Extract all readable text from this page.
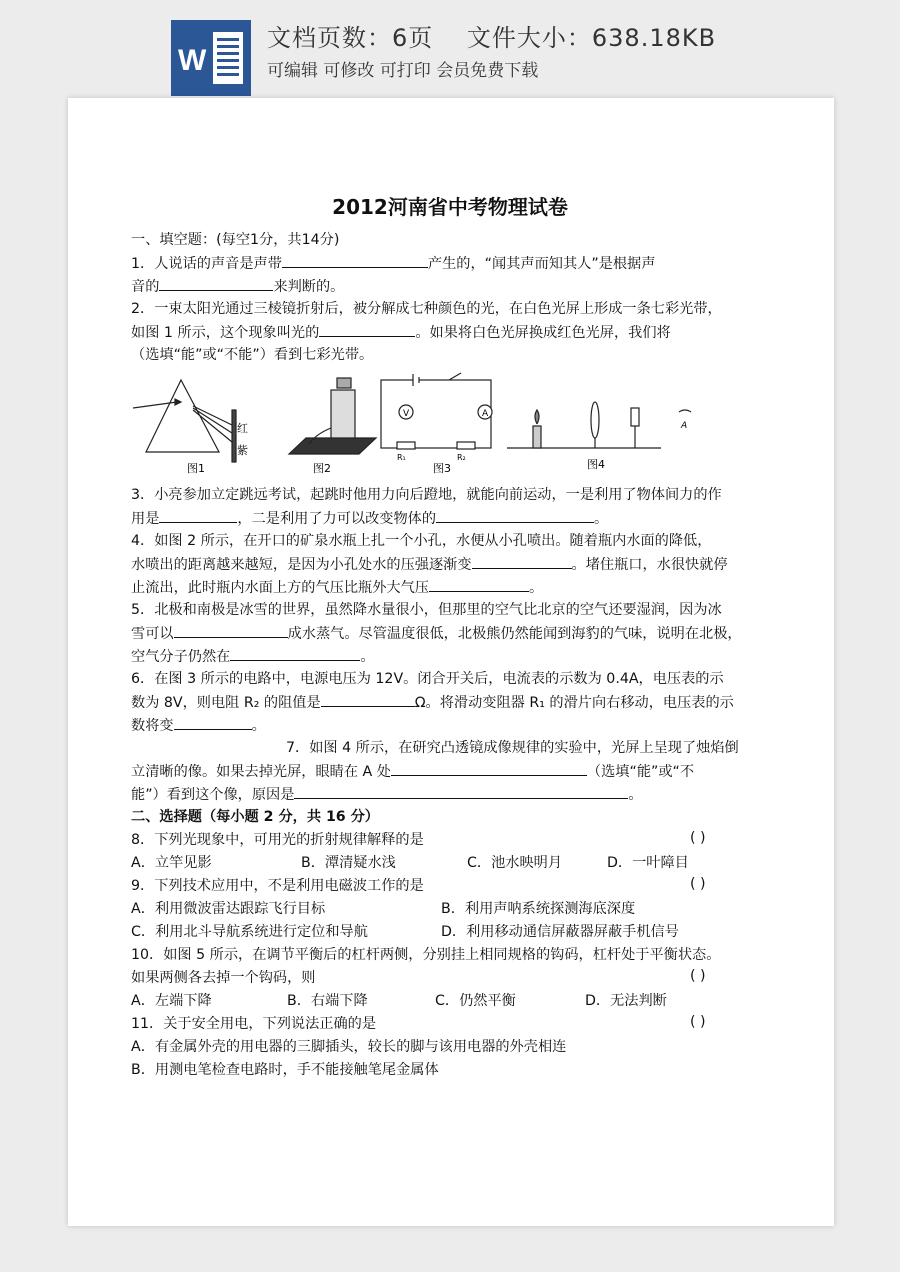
W
文档页数：6页　 文件大小：638.18KB
可编辑 可修改 可打印 会员免费下载
2012河南省中考物理试卷
一、填空题：(每空1分，共14分)
1．人说话的声音是声带	产生的，“闻其声而知其人”是根据声
音的	来判断的。
2．一束太阳光通过三棱镜折射后，被分解成七种颜色的光，在白色光屏上形成一条七彩光带，
如图 1 所示，这个现象叫光的	。如果将白色光屏换成红色光屏，我们将
（选填“能”或“不能”）看到七彩光带。
红
紫
图1	图2
V	A
R₁	R₂
图3
A
图4
3．小亮参加立定跳远考试，起跳时他用力向后蹬地，就能向前运动，一是利用了物体间力的作
用是	，二是利用了力可以改变物体的	。
4．如图 2 所示，在开口的矿泉水瓶上扎一个小孔，水便从小孔喷出。随着瓶内水面的降低，
水喷出的距离越来越短，是因为小孔处水的压强逐渐变	。堵住瓶口，水很快就停
止流出，此时瓶内水面上方的气压比瓶外大气压	。
5．北极和南极是冰雪的世界，虽然降水量很小，但那里的空气比北京的空气还要湿润，因为冰
雪可以	成水蒸气。尽管温度很低，北极熊仍然能闻到海豹的气味，说明在北极，
空气分子仍然在	。
6．在图 3 所示的电路中，电源电压为 12V。闭合开关后，电流表的示数为 0.4A，电压表的示
数为 8V，则电阻 R₂ 的阻值是	Ω。将滑动变阻器 R₁ 的滑片向右移动，电压表的示
数将变	。
7．如图 4 所示，在研究凸透镜成像规律的实验中，光屏上呈现了烛焰倒
立清晰的像。如果去掉光屏，眼睛在 A 处	（选填“能”或“不
能”）看到这个像，原因是	。
二、选择题（每小题 2 分，共 16 分）
8．下列光现象中，可用光的折射规律解释的是	( )
A．立竿见影	B．潭清疑水浅	C．池水映明月	D．一叶障目
9．下列技术应用中，不是利用电磁波工作的是	( )
A．利用微波雷达跟踪飞行目标	B．利用声呐系统探测海底深度
C．利用北斗导航系统进行定位和导航	D．利用移动通信屏蔽器屏蔽手机信号
10．如图 5 所示，在调节平衡后的杠杆两侧，分别挂上相同规格的钩码，杠杆处于平衡状态。
如果两侧各去掉一个钩码，则	( )
A．左端下降	B．右端下降	C．仍然平衡	D．无法判断
11．关于安全用电，下列说法正确的是	( )
A．有金属外壳的用电器的三脚插头，较长的脚与该用电器的外壳相连
B．用测电笔检查电路时，手不能接触笔尾金属体
